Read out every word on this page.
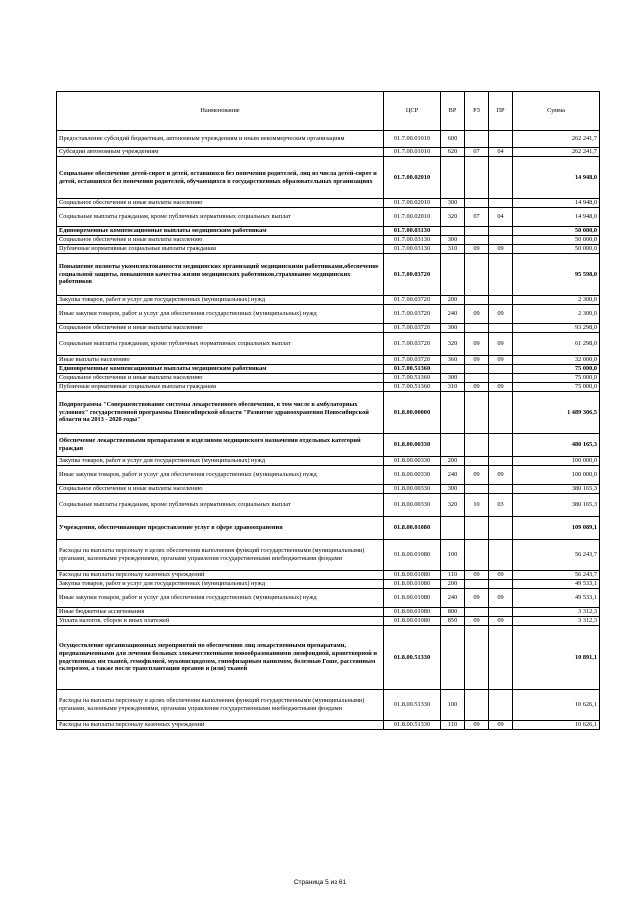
Наименование	ЦСР	ВР	РЗ	ПР	Сумма
Предоставление субсидий бюджетным, автономным учреждениям и иным некоммерческим организациям	01.7.00.01010	600			262 241,7
Субсидии автономным учреждениям	01.7.00.01010	620	07	04	262 241,7
Социальное обеспечение детей-сирот и детей, оставшихся без попечения родителей, лиц из числа детей-сирот и детей, оставшихся без попечения родителей, обучающихся в государственных образовательных организациях	01.7.00.02010				14 948,0
Социальное обеспечение и иные выплаты населению	01.7.00.02010	300			14 948,0
Социальные выплаты гражданам, кроме публичных нормативных социальных выплат	01.7.00.02010	320	07	04	14 948,0
Единовременные компенсационные выплаты медицинским работникам	01.7.00.03130				50 000,0
Социальное обеспечение и иные выплаты населению	01.7.00.03130	300			50 000,0
Публичные нормативные социальные выплаты гражданам	01.7.00.03130	310	09	09	50 000,0
Повышение полноты укомплектованности медицинских организаций медицинскими работниками,обеспечение социальной защиты, повышения качества жизни медицинских работников,страхование медицинских работников	01.7.00.03720				95 598,0
Закупка товаров, работ и услуг для государственных (муниципальных) нужд	01.7.00.03720	200			2 300,0
Иные закупки товаров, работ и услуг для обеспечения государственных (муниципальных) нужд	01.7.00.03720	240	09	09	2 300,0
Социальное обеспечение и иные выплаты населению	01.7.00.03720	300			93 298,0
Социальные выплаты гражданам, кроме публичных нормативных социальных выплат	01.7.00.03720	320	09	09	61 298,0
Иные выплаты населению	01.7.00.03720	360	09	09	32 000,0
Единовременные компенсационные выплаты медицинским работникам	01.7.00.51360				75 000,0
Социальное обеспечение и иные выплаты населению	01.7.00.51360	300			75 000,0
Публичные нормативные социальные выплаты гражданам	01.7.00.51360	310	09	09	75 000,0
Подпрограмма "Совершенствование системы лекарственного обеспечения, в том числе в амбулаторных условиях" государственной программы Новосибирской области "Развитие здравоохранения Новосибирской области на 2013 - 2020 годы"	01.8.00.00000				1 489 306,5
Обеспечение лекарственными препаратами и изделиями медицинского назначения отдельных категорий граждан	01.8.00.00330				480 165,3
Закупка товаров, работ и услуг для государственных (муниципальных) нужд	01.8.00.00330	200			100 000,0
Иные закупки товаров, работ и услуг для обеспечения государственных (муниципальных) нужд	01.8.00.00330	240	09	09	100 000,0
Социальное обеспечение и иные выплаты населению	01.8.00.00330	300			380 165,3
Социальные выплаты гражданам, кроме публичных нормативных социальных выплат	01.8.00.00330	320	10	03	380 165,3
Учреждения, обеспечивающие предоставление услуг в сфере здравоохранения	01.8.00.01080				109 089,1
Расходы на выплаты персоналу в целях обеспечения выполнения функций государственными (муниципальными) органами, казенными учреждениями, органами управления государственными внебюджетными фондами	01.8.00.01080	100			56 243,7
Расходы на выплаты персоналу казенных учреждений	01.8.00.01080	110	09	09	56 243,7
Закупка товаров, работ и услуг для государственных (муниципальных) нужд	01.8.00.01080	200			49 533,1
Иные закупки товаров, работ и услуг для обеспечения государственных (муниципальных) нужд	01.8.00.01080	240	09	09	49 533,1
Иные бюджетные ассигнования	01.8.00.01080	800			3 312,3
Уплата налогов, сборов и иных платежей	01.8.00.01080	850	09	09	3 312,3
Осуществление организационных мероприятий по обеспечению лиц лекарственными препаратами, предназначенными для лечения больных злокачественными новообразованиями лимфоидной, кроветворной и родственных им тканей, гемофилией, муковисцидозом, гипофизарным нанизмом, болезнью Гоше, рассеянным склерозом, а также после трансплантации органов и (или) тканей	01.8.00.51330				10 891,1
Расходы на выплаты персоналу в целях обеспечения выполнения функций государственными (муниципальными) органами, казенными учреждениями, органами управления государственными внебюджетными фондами	01.8.00.51330	100			10 626,1
Расходы на выплаты персоналу казенных учреждений	01.8.00.51330	110	09	09	10 626,1
Страница 5 из 61
